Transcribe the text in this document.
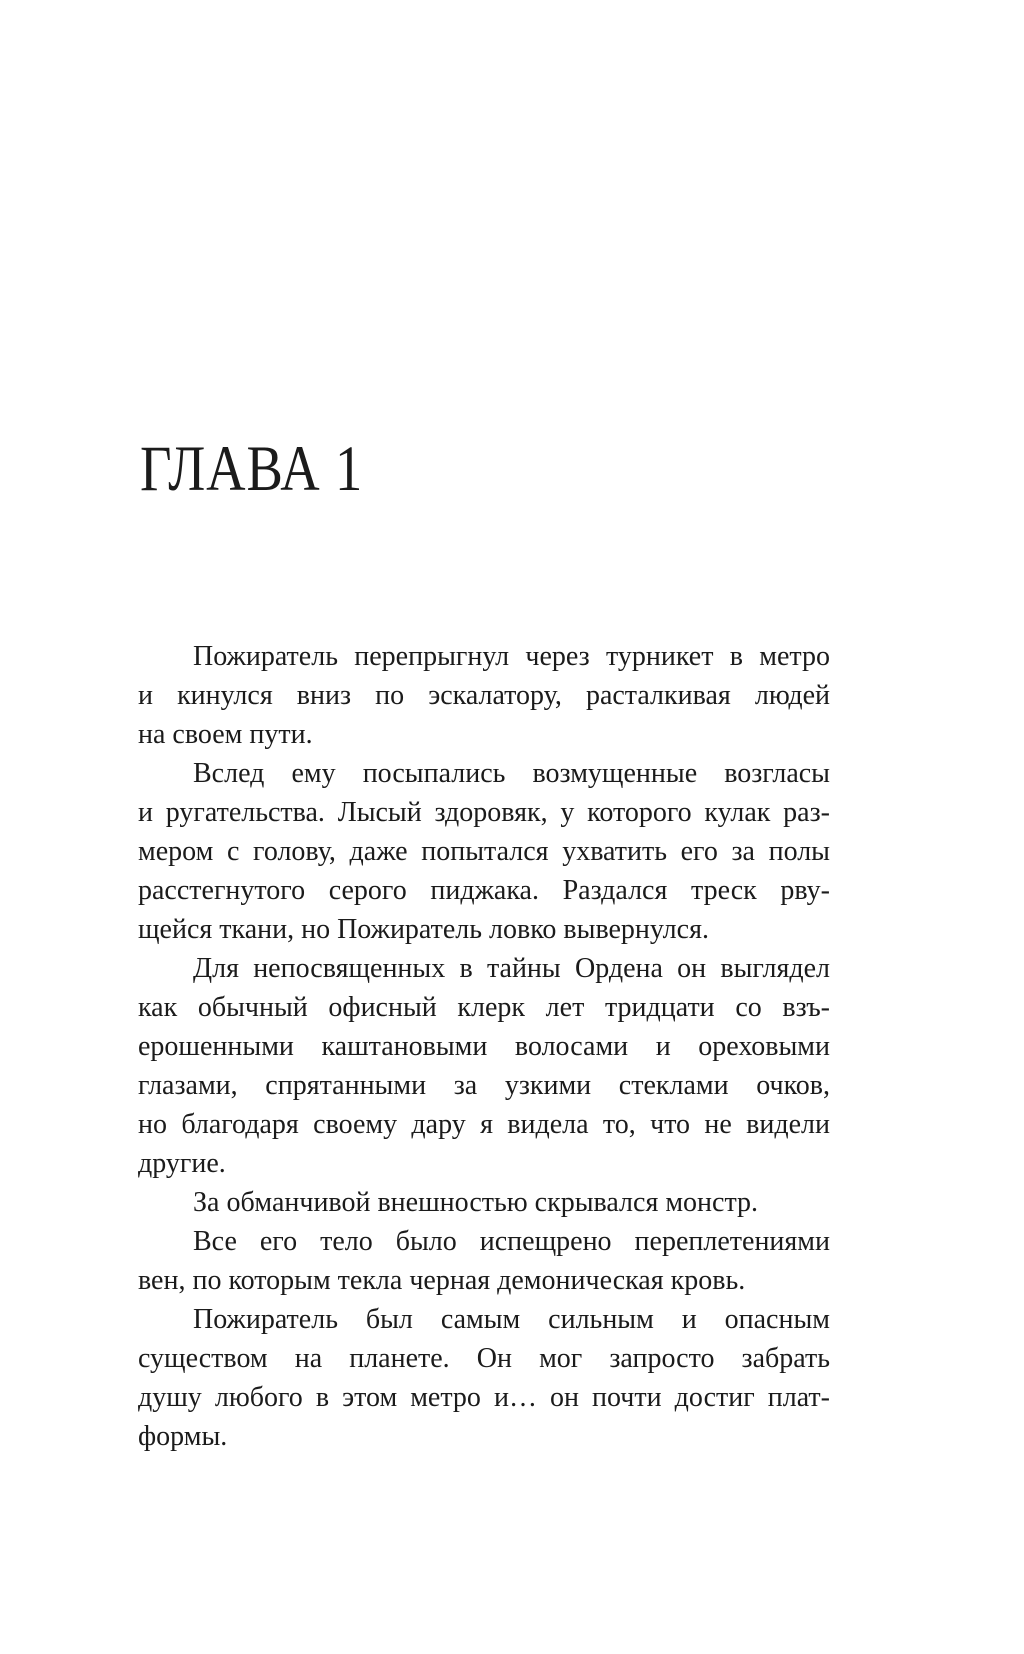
ГЛАВА 1
Пожиратель перепрыгнул через турникет в метро
и кинулся вниз по эскалатору, расталкивая людей
на своем пути.
Вслед ему посыпались возмущенные возгласы
и ругательства. Лысый здоровяк, у которого кулак раз-
мером с голову, даже попытался ухватить его за полы
расстегнутого серого пиджака. Раздался треск рву-
щейся ткани, но Пожиратель ловко вывернулся.
Для непосвященных в тайны Ордена он выглядел
как обычный офисный клерк лет тридцати со взъ-
ерошенными каштановыми волосами и ореховыми
глазами, спрятанными за узкими стеклами очков,
но благодаря своему дару я видела то, что не видели
другие.
За обманчивой внешностью скрывался монстр.
Все его тело было испещрено переплетениями
вен, по которым текла черная демоническая кровь.
Пожиратель был самым сильным и опасным
существом на планете. Он мог запросто забрать
душу любого в этом метро и… он почти достиг плат-
формы.
